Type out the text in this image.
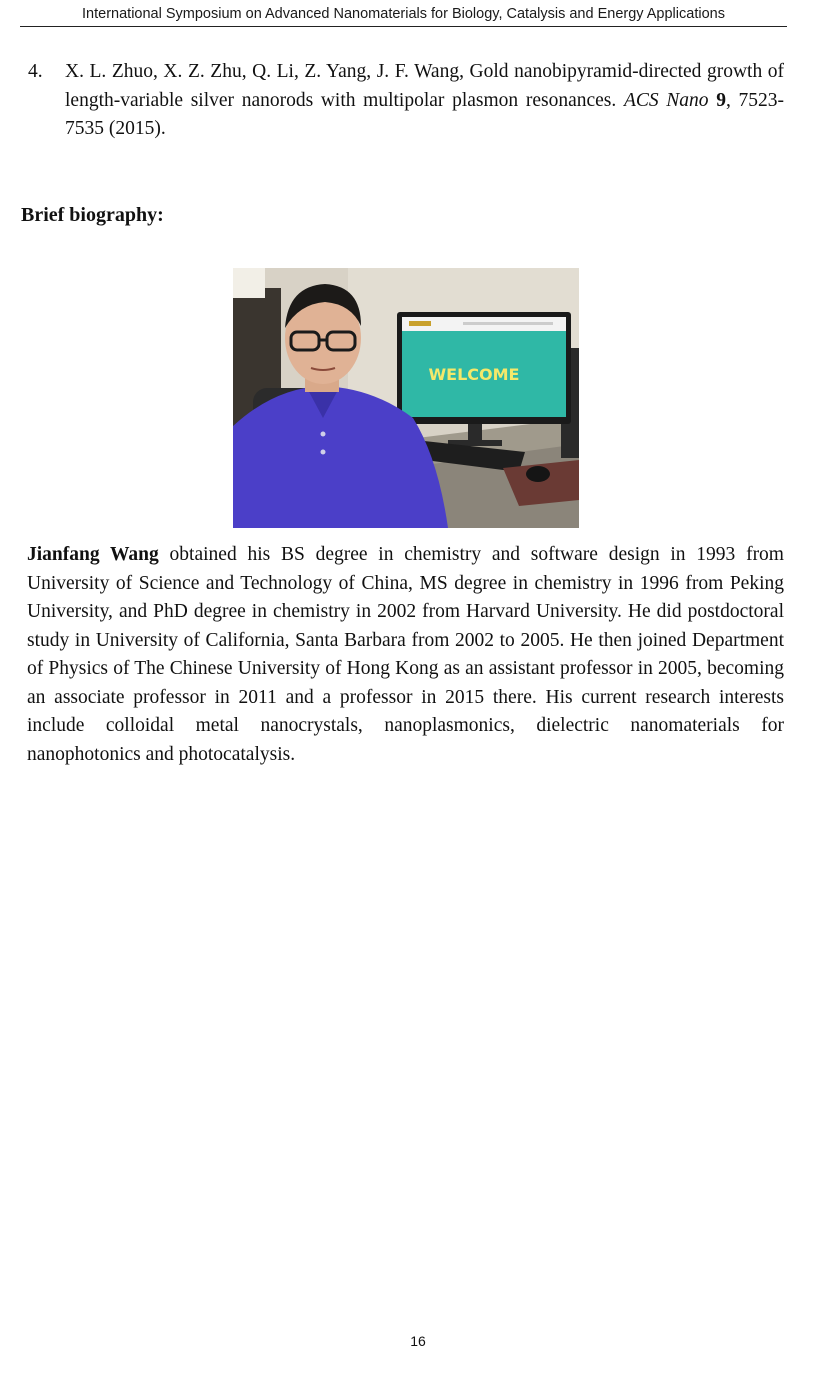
International Symposium on Advanced Nanomaterials for Biology, Catalysis and Energy Applications
4.	X. L. Zhuo, X. Z. Zhu, Q. Li, Z. Yang, J. F. Wang, Gold nanobipyramid-directed growth of length-variable silver nanorods with multipolar plasmon resonances. ACS Nano 9, 7523-7535 (2015).
Brief biography:
WELCOME
Jianfang Wang obtained his BS degree in chemistry and software design in 1993 from University of Science and Technology of China, MS degree in chemistry in 1996 from Peking University, and PhD degree in chemistry in 2002 from Harvard University. He did postdoctoral study in University of California, Santa Barbara from 2002 to 2005. He then joined Department of Physics of The Chinese University of Hong Kong as an assistant professor in 2005, becoming an associate professor in 2011 and a professor in 2015 there. His current research interests include colloidal metal nanocrystals, nanoplasmonics, dielectric nanomaterials for nanophotonics and photocatalysis.
16
